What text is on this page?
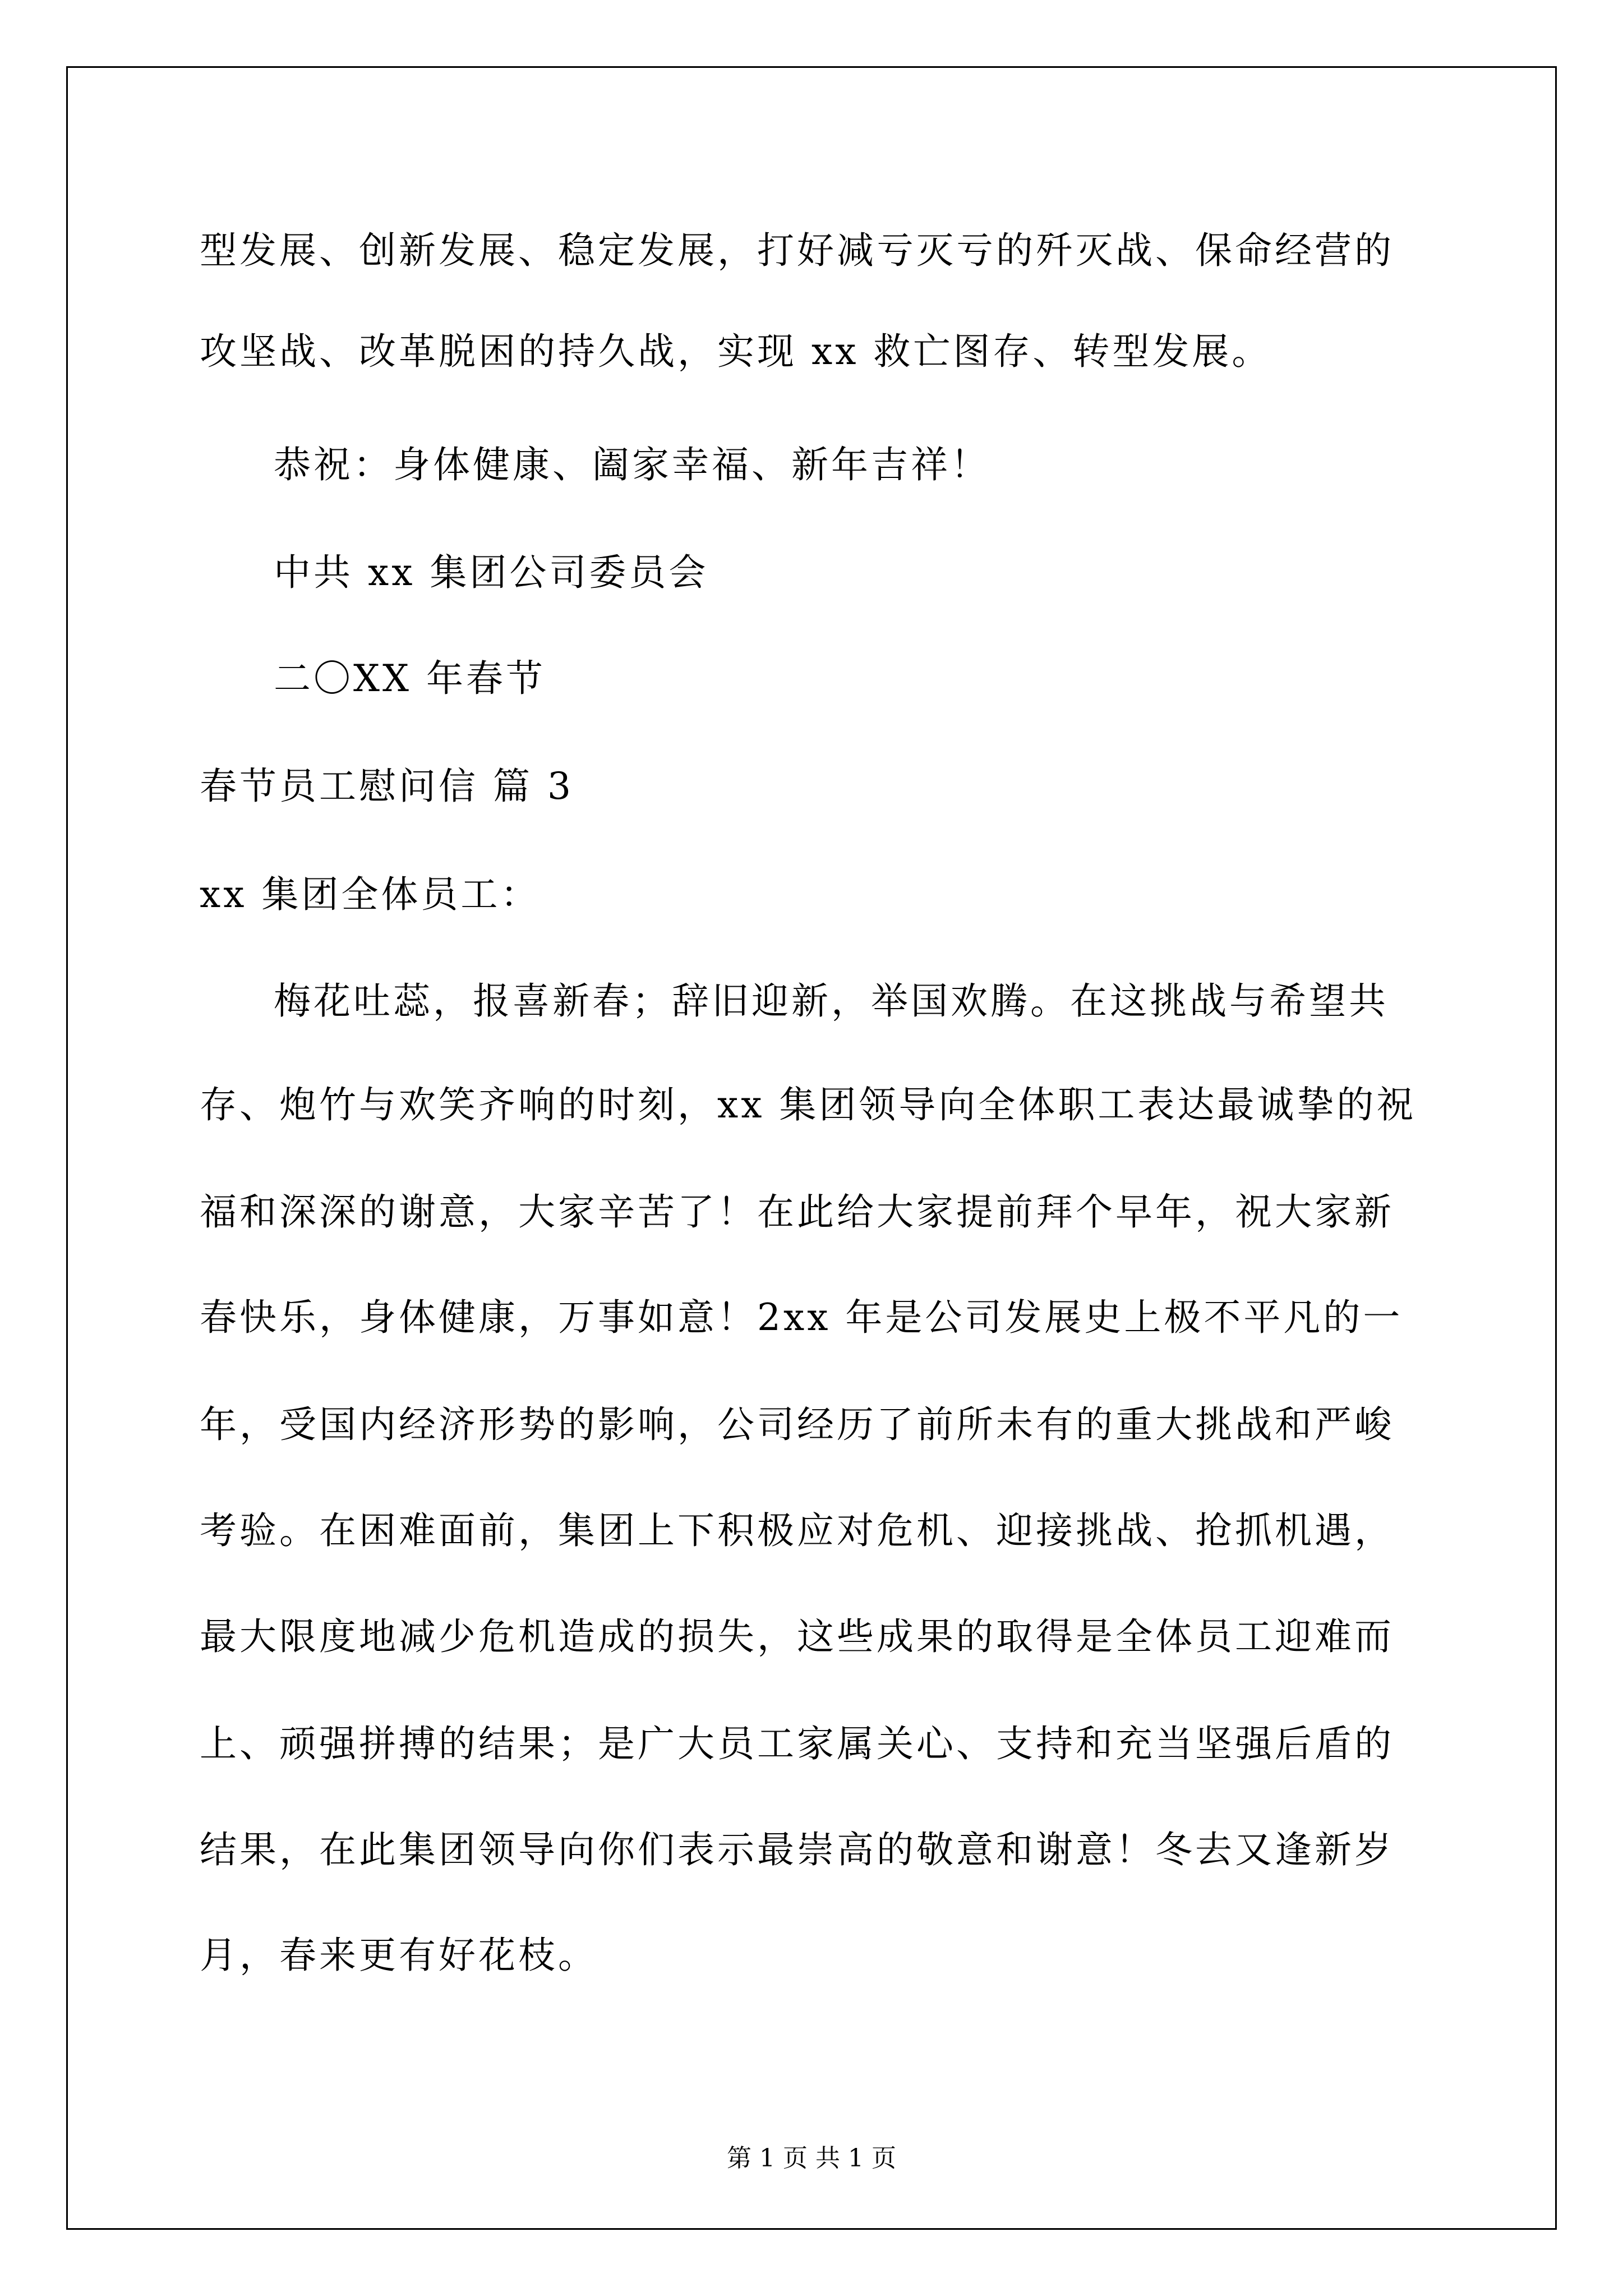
型发展、创新发展、稳定发展，打好减亏灭亏的歼灭战、保命经营的
攻坚战、改革脱困的持久战，实现 xx 救亡图存、转型发展。
恭祝：身体健康、阖家幸福、新年吉祥！
中共 xx 集团公司委员会
二〇XX 年春节
春节员工慰问信 篇 3
xx 集团全体员工：
梅花吐蕊，报喜新春；辞旧迎新，举国欢腾。在这挑战与希望共
存、炮竹与欢笑齐响的时刻，xx 集团领导向全体职工表达最诚挚的祝
福和深深的谢意，大家辛苦了！在此给大家提前拜个早年，祝大家新
春快乐，身体健康，万事如意！2xx 年是公司发展史上极不平凡的一
年，受国内经济形势的影响，公司经历了前所未有的重大挑战和严峻
考验。在困难面前，集团上下积极应对危机、迎接挑战、抢抓机遇，
最大限度地减少危机造成的损失，这些成果的取得是全体员工迎难而
上、顽强拼搏的结果；是广大员工家属关心、支持和充当坚强后盾的
结果，在此集团领导向你们表示最崇高的敬意和谢意！冬去又逢新岁
月，春来更有好花枝。
第 1 页 共 1 页
